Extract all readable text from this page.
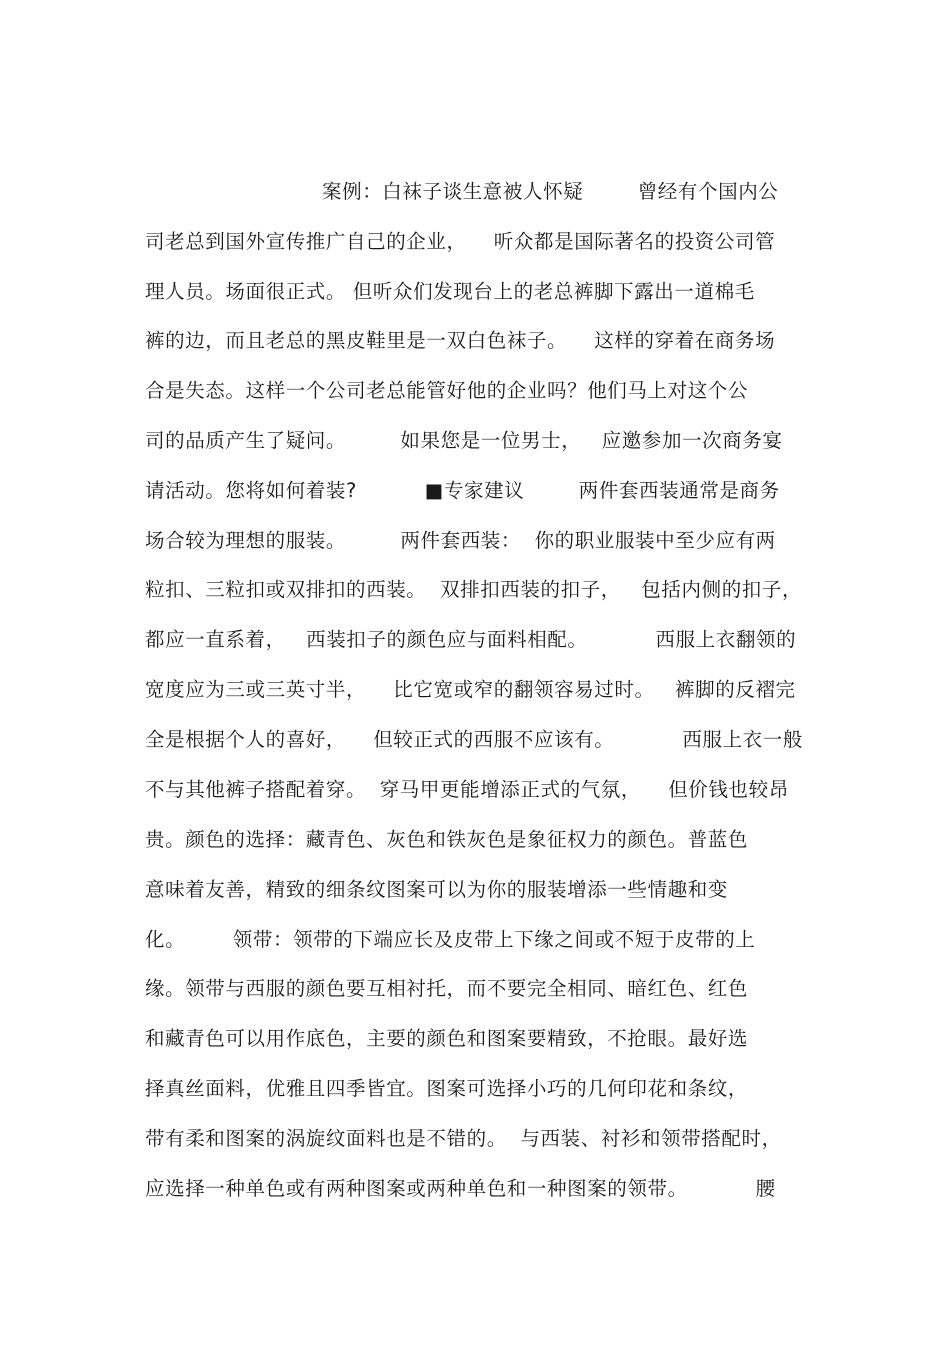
案例：白袜子谈生意被人怀疑        曾经有个国内公
司老总到国外宣传推广自己的企业，    听众都是国际著名的投资公司管
理人员。场面很正式。 但听众们发现台上的老总裤脚下露出一道棉毛
裤的边，而且老总的黑皮鞋里是一双白色袜子。    这样的穿着在商务场
合是失态。这样一个公司老总能管好他的企业吗？他们马上对这个公
司的品质产生了疑问。        如果您是一位男士，   应邀参加一次商务宴
请活动。您将如何着装?          ■专家建议        两件套西装通常是商务
场合较为理想的服装。        两件套西装：  你的职业服装中至少应有两
粒扣、三粒扣或双排扣的西装。  双排扣西装的扣子，   包括内侧的扣子，
都应一直系着，   西装扣子的颜色应与面料相配。          西服上衣翻领的
宽度应为三或三英寸半，    比它宽或窄的翻领容易过时。   裤脚的反褶完
全是根据个人的喜好，    但较正式的西服不应该有。          西服上衣一般
不与其他裤子搭配着穿。  穿马甲更能增添正式的气氛，    但价钱也较昂
贵。颜色的选择：藏青色、灰色和铁灰色是象征权力的颜色。普蓝色
意味着友善，精致的细条纹图案可以为你的服装增添一些情趣和变
化。       领带：领带的下端应长及皮带上下缘之间或不短于皮带的上
缘。领带与西服的颜色要互相衬托，而不要完全相同、暗红色、红色
和藏青色可以用作底色，主要的颜色和图案要精致，不抢眼。最好选
择真丝面料，优雅且四季皆宜。图案可选择小巧的几何印花和条纹，
带有柔和图案的涡旋纹面料也是不错的。  与西装、衬衫和领带搭配时，
应选择一种单色或有两种图案或两种单色和一种图案的领带。          腰
